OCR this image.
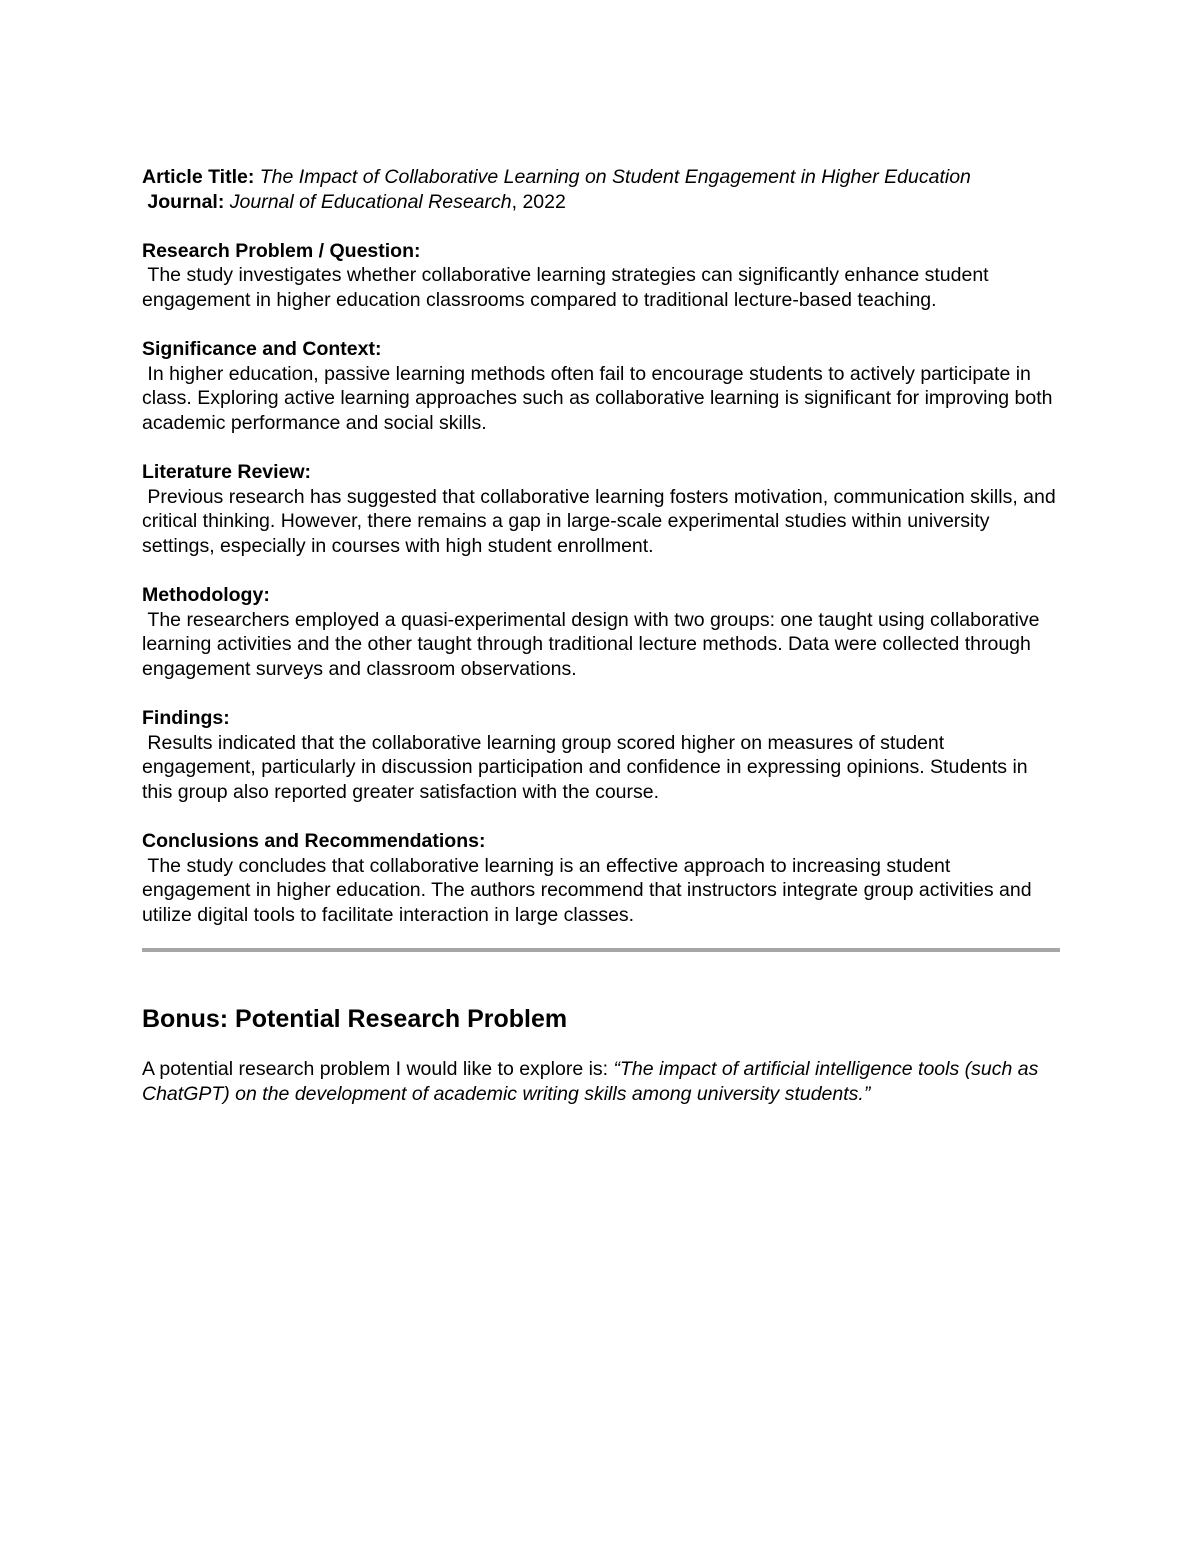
Article Title: The Impact of Collaborative Learning on Student Engagement in Higher Education
Journal: Journal of Educational Research, 2022
Research Problem / Question:
The study investigates whether collaborative learning strategies can significantly enhance student engagement in higher education classrooms compared to traditional lecture-based teaching.
Significance and Context:
In higher education, passive learning methods often fail to encourage students to actively participate in class. Exploring active learning approaches such as collaborative learning is significant for improving both academic performance and social skills.
Literature Review:
Previous research has suggested that collaborative learning fosters motivation, communication skills, and critical thinking. However, there remains a gap in large-scale experimental studies within university settings, especially in courses with high student enrollment.
Methodology:
The researchers employed a quasi-experimental design with two groups: one taught using collaborative learning activities and the other taught through traditional lecture methods. Data were collected through engagement surveys and classroom observations.
Findings:
Results indicated that the collaborative learning group scored higher on measures of student engagement, particularly in discussion participation and confidence in expressing opinions. Students in this group also reported greater satisfaction with the course.
Conclusions and Recommendations:
The study concludes that collaborative learning is an effective approach to increasing student engagement in higher education. The authors recommend that instructors integrate group activities and utilize digital tools to facilitate interaction in large classes.
Bonus: Potential Research Problem
A potential research problem I would like to explore is: “The impact of artificial intelligence tools (such as ChatGPT) on the development of academic writing skills among university students.”
